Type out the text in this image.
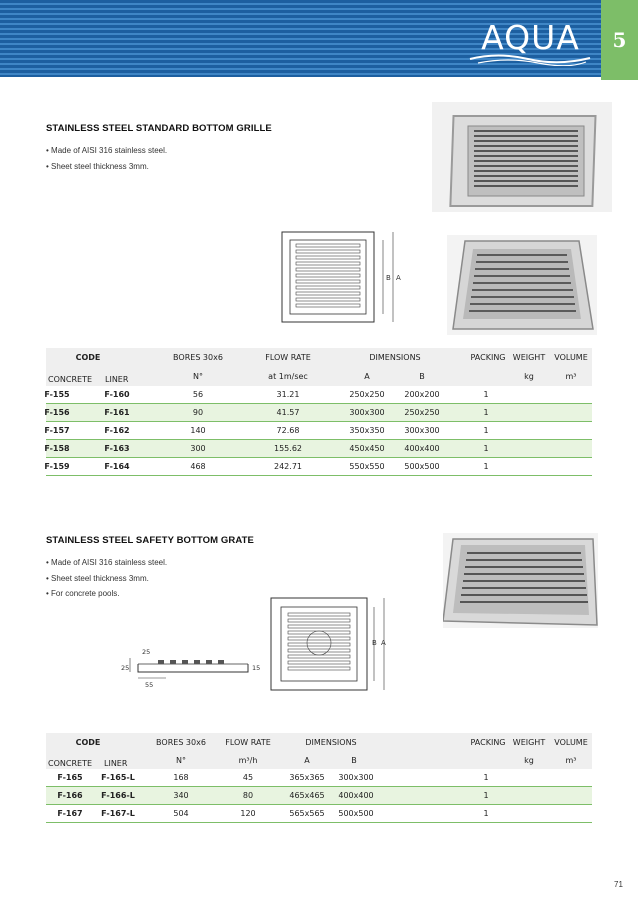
AQUA	5
STAINLESS STEEL STANDARD BOTTOM GRILLE
• Made of AISI 316 stainless steel.
• Sheet steel thickness 3mm.
B A
CODE	BORES 30x6	FLOW RATE	DIMENSIONS	PACKING WEIGHT VOLUME
CONCRETE LINER	N°	at 1m/sec	A	B	kg	m³
F-155	F-160	56	31.21	250x250 200x200	1
F-156	F-161	90	41.57	300x300 250x250	1
F-157	F-162	140	72.68	350x350 300x300	1
F-158	F-163	300	155.62	450x450 400x400	1
F-159	F-164	468	242.71	550x550 500x500	1
STAINLESS STEEL SAFETY BOTTOM GRATE
• Made of AISI 316 stainless steel.
• Sheet steel thickness 3mm.
• For concrete pools.
25
25	15
55
B A
CODE	BORES 30x6 FLOW RATE	DIMENSIONS	PACKING WEIGHT VOLUME
CONCRETE LINER	N°	m³/h	A	B	kg	m³
F-165 F-165-L	168	45	365x365 300x300	1
F-166 F-166-L	340	80	465x465 400x400	1
F-167 F-167-L	504	120	565x565 500x500	1
71
